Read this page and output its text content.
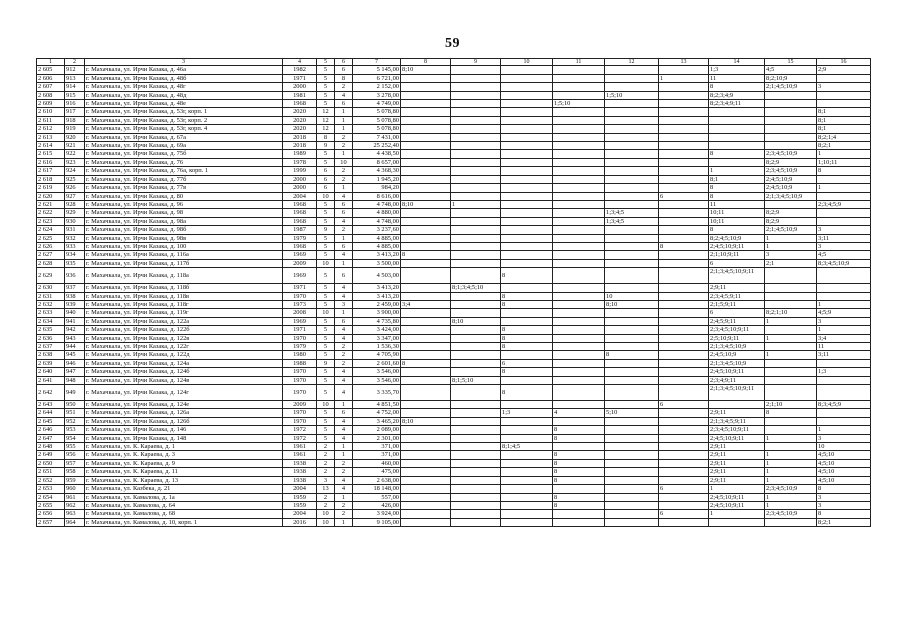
59
1	2	3	4	5	6	7	8	9	10	11	12	13	14	15	16
2 605	912	г. Махачкала, ул. Ирчи Казака, д. 46а	1982	5	6	5 145,00	8;10						1;3	4;5	2;9
2 606	913	г. Махачкала, ул. Ирчи Казака, д. 48б	1971	5	8	6 721,00						1	11	8;2;10;9	
2 607	914	г. Махачкала, ул. Ирчи Казака, д. 48г	2000	5	2	2 152,00							8	2;1;4;5;10;9	3
2 608	915	г. Махачкала, ул. Ирчи Казака, д. 48д	1981	5	4	3 278,00					1;5;10		8;2;3;4;9		
2 609	916	г. Махачкала, ул. Ирчи Казака, д. 48е	1968	5	6	4 749,00				1;5;10			8;2;3;4;9;11		
2 610	917	г. Махачкала, ул. Ирчи Казака, д. 53г, корп. 1	2020	12	1	5 078,80									8;1
2 611	918	г. Махачкала, ул. Ирчи Казака, д. 53г, корп. 2	2020	12	1	5 078,80									8;1
2 612	919	г. Махачкала, ул. Ирчи Казака, д. 53г, корп. 4	2020	12	1	5 078,80									8;1
2 613	920	г. Махачкала, ул. Ирчи Казака, д. 67а	2018	8	2	7 431,00									8;2;1;4
2 614	921	г. Махачкала, ул. Ирчи Казака, д. 69а	2018	9	2	25 252,40									8;2;1
2 615	922	г. Махачкала, ул. Ирчи Казака, д. 75б	1989	5	1	4 438,50							8	2;3;4;5;10;9	1
2 616	923	г. Махачкала, ул. Ирчи Казака, д. 76	1978	5	10	8 657,00								8;2;9	1;10;11
2 617	924	г. Махачкала, ул. Ирчи Казака, д. 76а, корп. 1	1999	6	2	4 368,30							1	2;3;4;5;10;9	8
2 618	925	г. Махачкала, ул. Ирчи Казака, д. 77б	2000	6	2	1 945,20							8;1	2;4;5;10;9	
2 619	926	г. Махачкала, ул. Ирчи Казака, д. 77в	2000	6	1	984,20							8	2;4;5;10;9	1
2 620	927	г. Махачкала, ул. Ирчи Казака, д. 80	2004	10	4	8 616,00						6	8	2;1;3;4;5;10;9	
2 621	928	г. Махачкала, ул. Ирчи Казака, д. 96	1968	5	6	4 748,00	8;10	1					11		2;3;4;5;9
2 622	929	г. Махачкала, ул. Ирчи Казака, д. 98	1968	5	6	4 880,00					1;3;4;5		10;11	8;2;9	
2 623	930	г. Махачкала, ул. Ирчи Казака, д. 98а	1968	5	4	4 748,00					1;3;4;5		10;11	8;2;9	
2 624	931	г. Махачкала, ул. Ирчи Казака, д. 98б	1987	9	2	3 237,60							8	2;1;4;5;10;9	3
2 625	932	г. Махачкала, ул. Ирчи Казака, д. 98в	1979	5	1	4 885,00							8;2;4;5;10;9	1	3;11
2 626	933	г. Махачкала, ул. Ирчи Казака, д. 100	1968	5	6	4 885,00						8	2;4;5;10;9;11	1	3
2 627	934	г. Махачкала, ул. Ирчи Казака, д. 116а	1969	5	4	3 413,20	8						2;1;10;9;11	3	4;5
2 628	935	г. Махачкала, ул. Ирчи Казака, д. 117б	2009	10	1	3 500,00							6	2;1	8;3;4;5;10;9
2 629	936	г. Махачкала, ул. Ирчи Казака, д. 118а	1969	5	6	4 503,00			8				2;1;3;4;5;10;9;11		
2 630	937	г. Махачкала, ул. Ирчи Казака, д. 118б	1971	5	4	3 413,20		8;1;3;4;5;10					2;9;11		
2 631	938	г. Махачкала, ул. Ирчи Казака, д. 118в	1970	5	4	3 413,20			8		10		2;3;4;5;9;11		
2 632	939	г. Махачкала, ул. Ирчи Казака, д. 118г	1973	5	3	2 459,00	3;4		8		8;10		2;1;5;9;11		1
2 633	940	г. Махачкала, ул. Ирчи Казака, д. 119г	2008	10	1	3 900,00							6	8;2;1;10	4;5;9
2 634	941	г. Махачкала, ул. Ирчи Казака, д. 122а	1969	5	6	4 735,80		8;10					2;4;5;9;11	1	3
2 635	942	г. Махачкала, ул. Ирчи Казака, д. 122б	1971	5	4	3 424,00			8				2;3;4;5;10;9;11		1
2 636	943	г. Махачкала, ул. Ирчи Казака, д. 122в	1970	5	4	3 347,00			8				2;5;10;9;11	1	3;4
2 637	944	г. Махачкала, ул. Ирчи Казака, д. 122г	1979	5	2	1 536,30			8				2;1;3;4;5;10;9		11
2 638	945	г. Махачкала, ул. Ирчи Казака, д. 122д	1980	5	2	4 705,90					8		2;4;5;10;9	1	3;11
2 639	946	г. Махачкала, ул. Ирчи Казака, д. 124а	1988	9	2	2 601,60	8		6				2;1;3;4;5;10;9		
2 640	947	г. Махачкала, ул. Ирчи Казака, д. 124б	1970	5	4	3 546,00			8				2;4;5;10;9;11		1;3
2 641	948	г. Махачкала, ул. Ирчи Казака, д. 124в	1970	5	4	3 546,00		8;1;5;10					2;3;4;9;11		
2 642	949	г. Махачкала, ул. Ирчи Казака, д. 124г	1970	5	4	3 335,70			8				2;1;3;4;5;10;9;11		
2 643	950	г. Махачкала, ул. Ирчи Казака, д. 124е	2009	10	1	4 851,50						6		2;1;10	8;3;4;5;9
2 644	951	г. Махачкала, ул. Ирчи Казака, д. 126а	1970	5	6	4 752,00			1;3	4	5;10		2;9;11	8	
2 645	952	г. Махачкала, ул. Ирчи Казака, д. 126б	1970	5	4	3 465,20	8;10						2;1;3;4;5;9;11		
2 646	953	г. Махачкала, ул. Ирчи Казака, д. 146	1972	5	4	2 089,00				8			2;3;4;5;10;9;11		1
2 647	954	г. Махачкала, ул. Ирчи Казака, д. 148	1972	5	4	2 301,00				8			2;4;5;10;9;11	1	3
2 648	955	г. Махачкала, ул. К. Караева, д. 1	1961	2	1	371,00			8;1;4;5				2;9;11		10
2 649	956	г. Махачкала, ул. К. Караева, д. 3	1961	2	1	371,00				8			2;9;11	1	4;5;10
2 650	957	г. Махачкала, ул. К. Караева, д. 9	1938	2	2	460,00				8			2;9;11	1	4;5;10
2 651	958	г. Махачкала, ул. К. Караева, д. 11	1938	2	2	475,00				8			2;9;11	1	4;5;10
2 652	959	г. Махачкала, ул. К. Караева, д. 13	1938	3	4	2 638,00				8			2;9;11	1	4;5;10
2 653	960	г. Махачкала, ул. Казбека, д. 21	2004	13	4	18 148,00						6	1	2;3;4;5;10;9	8
2 654	961	г. Махачкала, ул. Камалова, д. 1а	1959	2	1	557,00				8			2;4;5;10;9;11	1	3
2 655	962	г. Махачкала, ул. Камалова, д. 64	1959	2	2	426,00				8			2;4;5;10;9;11	1	3
2 656	963	г. Махачкала, ул. Камалова, д. 68	2004	10	2	3 924,00						6	1	2;3;4;5;10;9	8
2 657	964	г. Махачкала, ул. Камалова, д. 10, корп. 1	2016	10	1	9 105,00									8;2;1
